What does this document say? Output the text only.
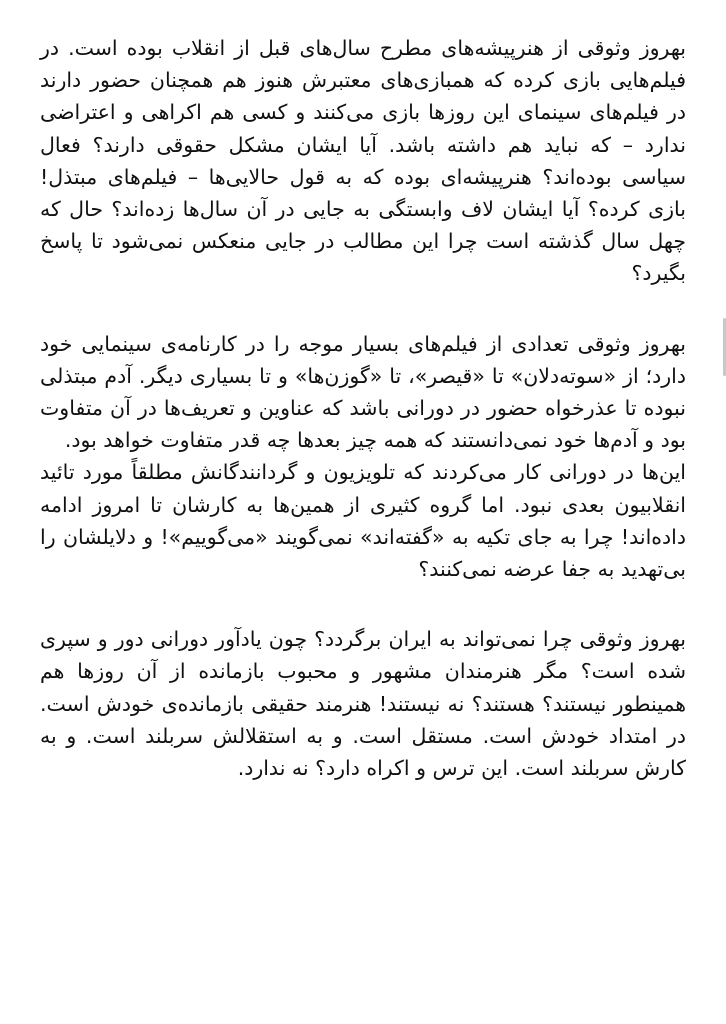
بهروز وثوقی از هنرپیشه‌های مطرح سال‌های قبل از انقلاب بوده است. در فیلم‌هایی بازی کرده که همبازی‌های معتبرش هنوز هم همچنان حضور دارند در فیلم‌های سینمای این روزها بازی می‌کنند و کسی هم اکراهی و اعتراضی ندارد – که نباید هم داشته باشد. آیا ایشان مشکل حقوقی دارند؟ فعال سیاسی بوده‌اند؟ هنرپیشه‌ای بوده که به قول حالایی‌ها – فیلم‌های مبتذل! بازی کرده؟ آیا ایشان لاف وابستگی به جایی در آن سال‌ها زده‌اند؟ حال که چهل سال گذشته است چرا این مطالب در جایی منعکس نمی‌شود تا پاسخ بگیرد؟

بهروز وثوقی تعدادی از فیلم‌های بسیار موجه را در کارنامه‌ی سینمایی خود دارد؛ از «سوته‌دلان» تا «قیصر»، تا «گوزن‌ها» و تا بسیاری دیگر. آدم مبتذلی نبوده تا عذرخواه حضور در دورانی باشد که عناوین و تعریف‌ها در آن متفاوت بود و آدم‌ها خود نمی‌دانستند که همه چیز بعدها چه قدر متفاوت خواهد بود.

این‌ها در دورانی کار می‌کردند که تلویزیون و گردانندگانش مطلقاً مورد تائید انقلابیون بعدی نبود. اما گروه کثیری از همین‌ها به کارشان تا امروز ادامه داده‌اند! چرا به جای تکیه به «گفته‌اند» نمی‌گویند «می‌گوییم»! و دلایلشان را بی‌تهدید به جفا عرضه نمی‌کنند؟

بهروز وثوقی چرا نمی‌تواند به ایران برگردد؟ چون یادآور دورانی دور و سپری شده است؟ مگر هنرمندان مشهور و محبوب بازمانده از آن روزها هم همینطور نیستند؟ هستند؟ نه نیستند! هنرمند حقیقی بازمانده‌ی خودش است. در امتداد خودش است. مستقل است. و به استقلالش سربلند است. و به کارش سربلند است. این ترس و اکراه دارد؟ نه ندارد.
